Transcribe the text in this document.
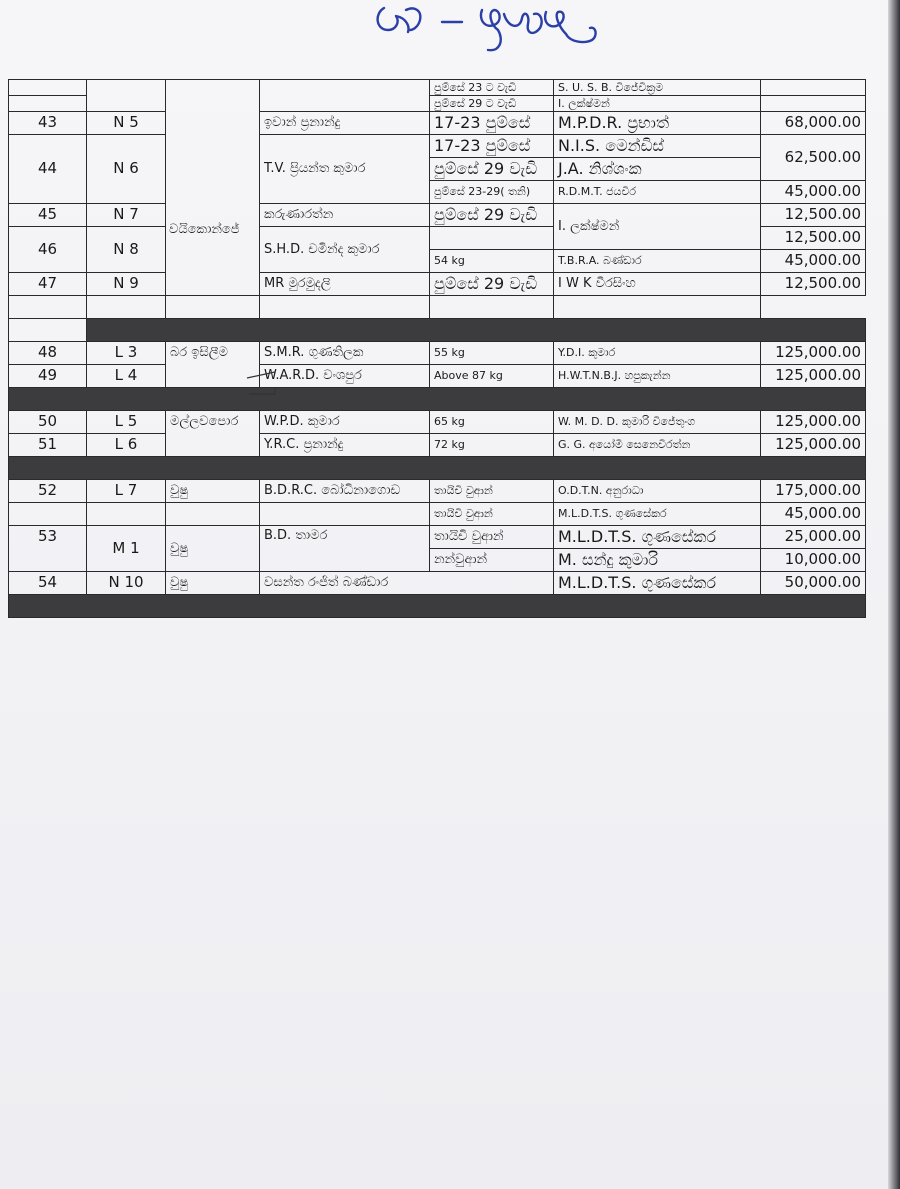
		වයිකොන්ජේ		පුම්සේ 23 ට වැඩි	S. U. S. B. විජේවික්‍රම	
				පුම්සේ 29 ට වැඩි	I. ලක්ෂ්මන්	
43	N 5		ඉවාන් ප්‍රනාන්දු	17-23 පුම්සේ	M.P.D.R. ප්‍රභාත්	68,000.00
44	N 6		T.V. ප්‍රියන්ත කුමාර	17-23 පුම්සේ	N.I.S. මෙන්ඩිස්	62,500.00
				පුම්සේ 29 වැඩි	J.A. නිශ්ශංක	
				පුම්සේ 23-29( තනි)	R.D.M.T. ජයවීර	45,000.00
45	N 7		කරුණාරත්න	පුම්සේ 29 වැඩි	I. ලක්ෂ්මන්	12,500.00
46	N 8		S.H.D. චමින්ද කුමාර			12,500.00
				54 kg	T.B.R.A. බණ්ඩාර	45,000.00
47	N 9		MR මුරමුදලි	පුම්සේ 29 වැඩි	I W K වීරසිංහ	12,500.00

48	L 3	බර ඉසිලීම	S.M.R. ගුණතිලක	55 kg	Y.D.I. කුමාර	125,000.00
49	L 4		W.A.R.D. වංශපුර	Above 87 kg	H.W.T.N.B.J. හපුකැන්න	125,000.00

50	L 5	මල්ලවපොර	W.P.D. කුමාර	65 kg	W. M. D. D. කුමාරි විජේතුංග	125,000.00
51	L 6		Y.R.C. ප්‍රනාන්දු	72 kg	G. G. අයෝමි සෙනෙවිරත්න	125,000.00

52	L 7	වුෂු	B.D.R.C. බෝධිනාගොඩ	තායිචි වුආන්	O.D.T.N. අනුරාධා	175,000.00
				තායිචි වුආන්	M.L.D.T.S. ගුණසේකර	45,000.00
53	M 1	වුෂු	B.D. තාමර	තායිචි වුආන්	M.L.D.T.S. ගුණසේකර	25,000.00
				නන්වුආන්	M. සන්දු කුමාරි	10,000.00
54	N 10	වුෂු	වසන්ත රංජිත් බණ්ඩාර		M.L.D.T.S. ගුණසේකර	50,000.00
